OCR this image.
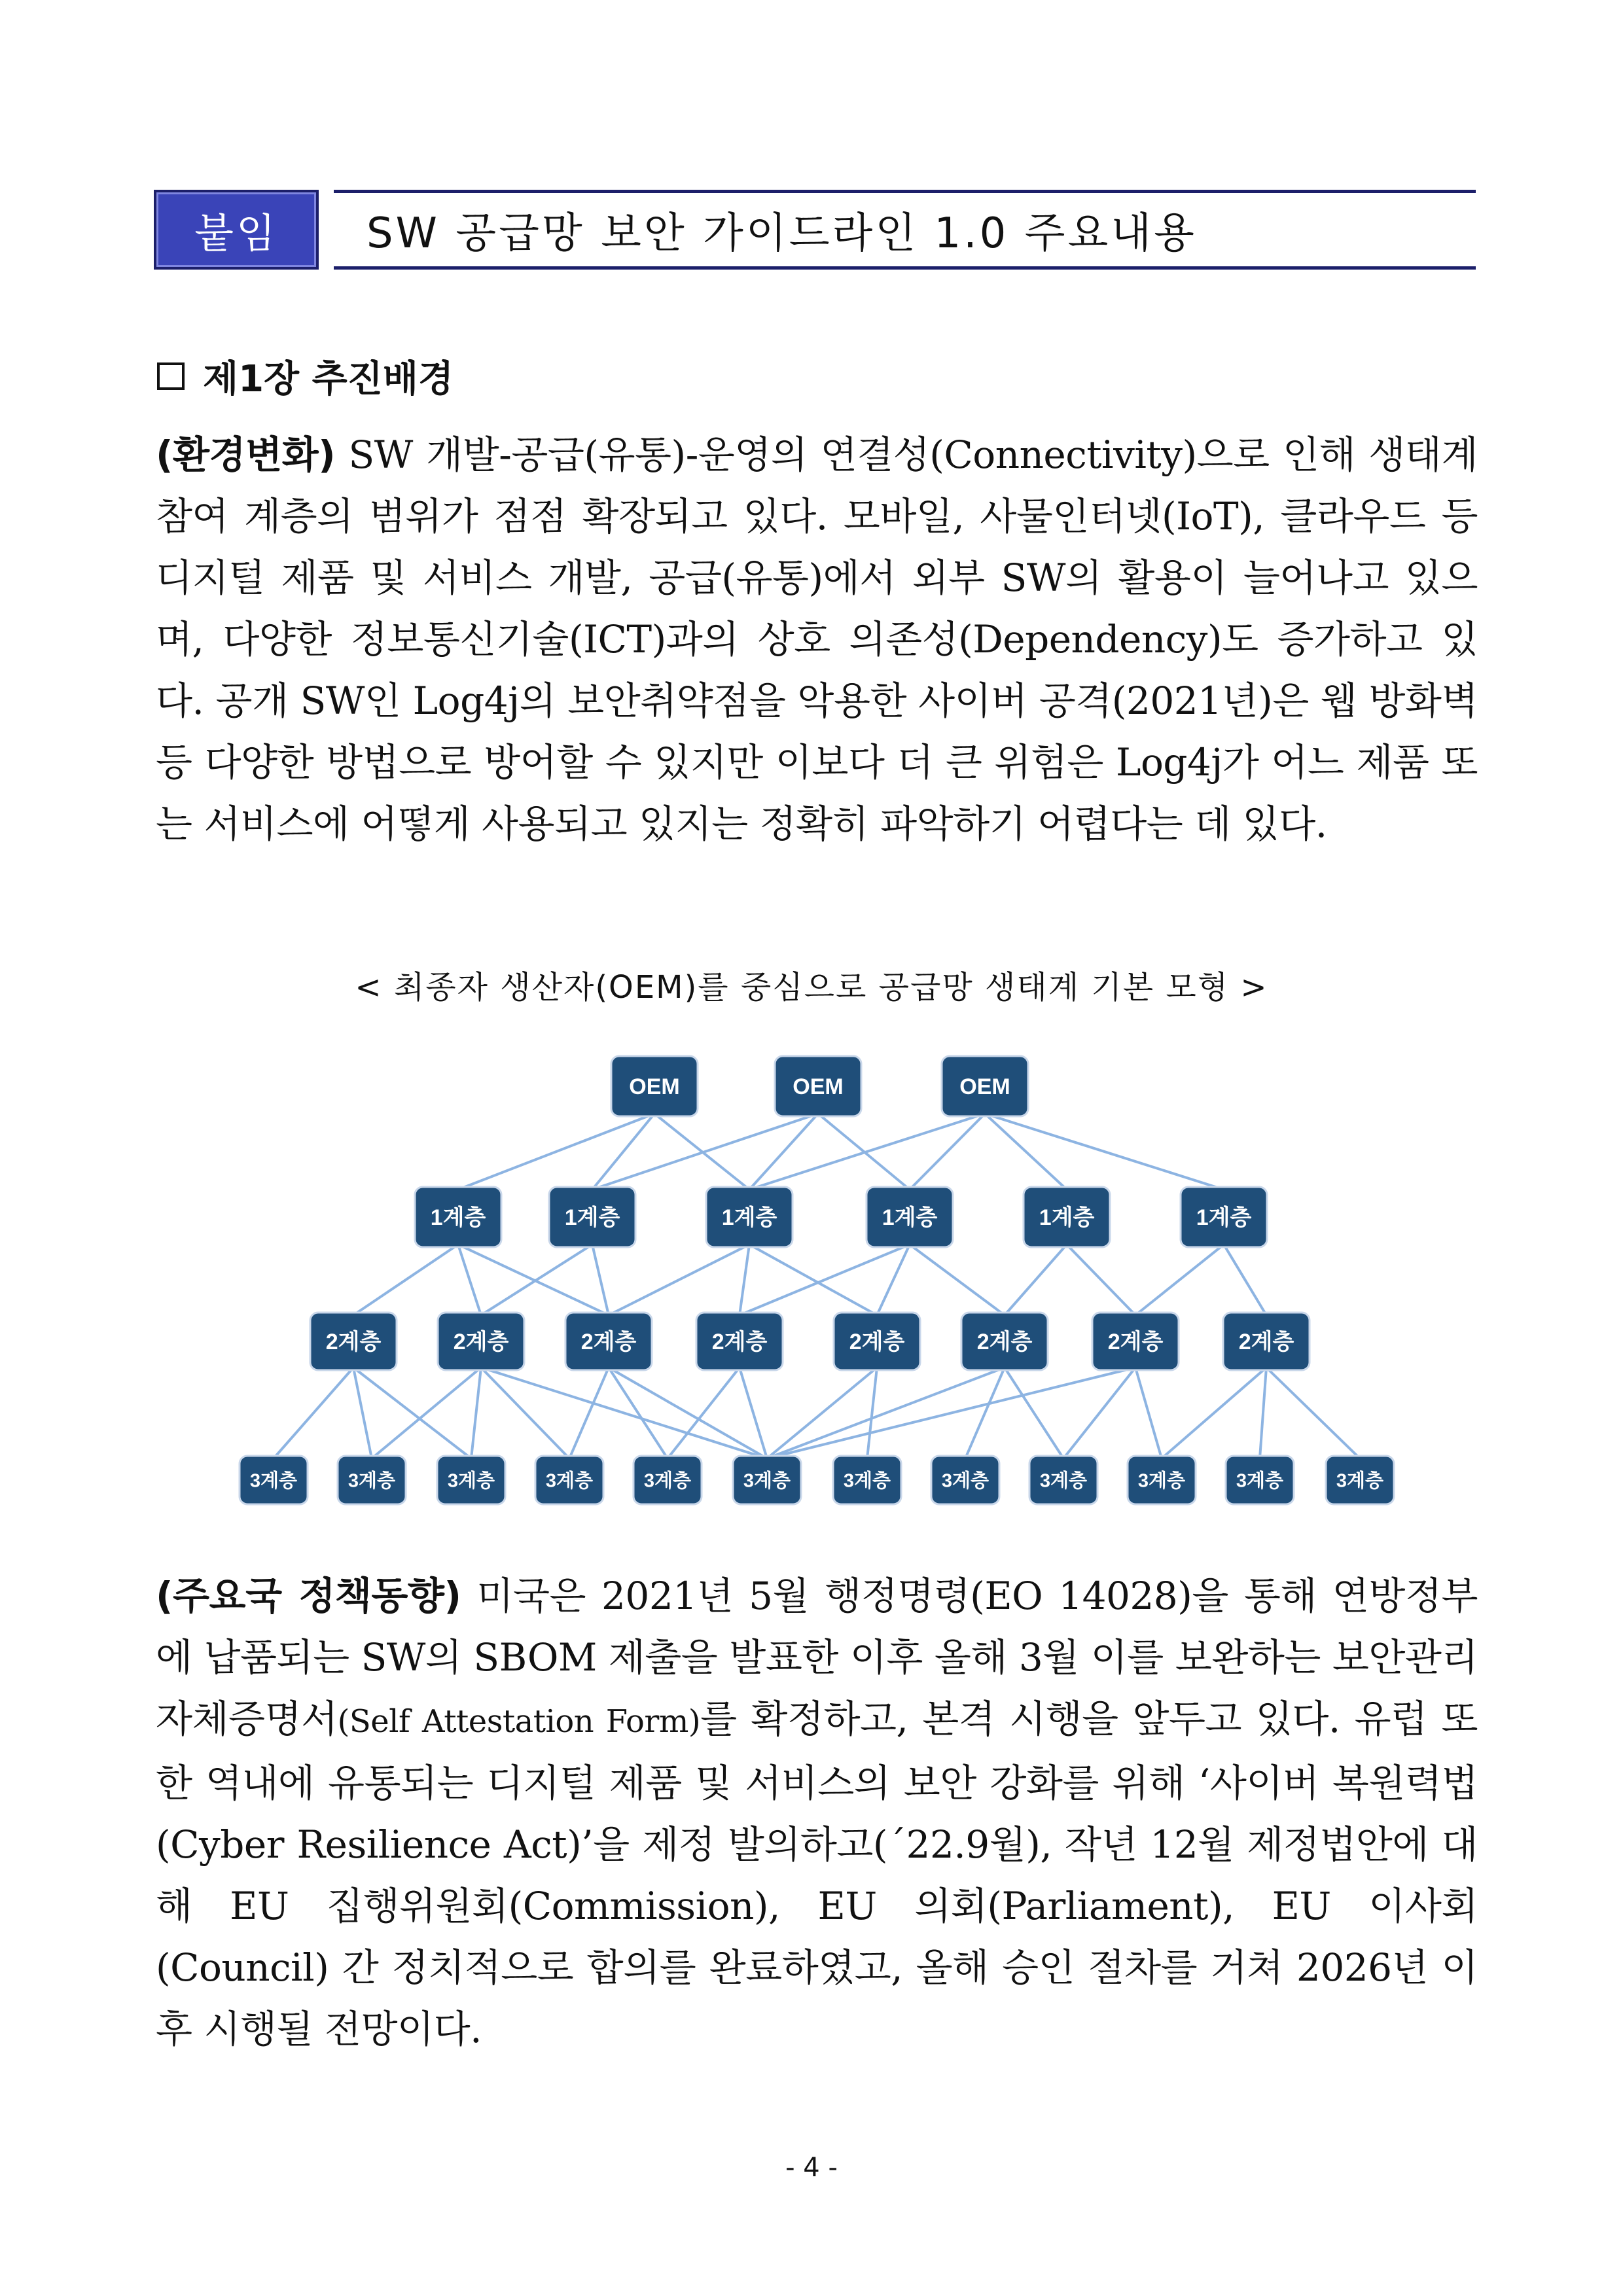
붙임	SW 공급망 보안 가이드라인 1.0 주요내용
제1장 추진배경
(환경변화) SW 개발-공급(유통)-운영의 연결성(Connectivity)으로 인해 생태계 참여 계층의 범위가 점점 확장되고 있다. 모바일, 사물인터넷(IoT), 클라우드 등 디지털 제품 및 서비스 개발, 공급(유통)에서 외부 SW의 활용이 늘어나고 있으며, 다양한 정보통신기술(ICT)과의 상호 의존성(Dependency)도 증가하고 있다. 공개 SW인 Log4j의 보안취약점을 악용한 사이버 공격(2021년)은 웹 방화벽 등 다양한 방법으로 방어할 수 있지만 이보다 더 큰 위험은 Log4j가 어느 제품 또는 서비스에 어떻게 사용되고 있지는 정확히 파악하기 어렵다는 데 있다.
< 최종자 생산자(OEM)를 중심으로 공급망 생태계 기본 모형 >
OEM	OEM	OEM
1계층	1계층	1계층	1계층	1계층	1계층
2계층	2계층	2계층	2계층	2계층	2계층	2계층	2계층
3계층	3계층	3계층	3계층	3계층	3계층	3계층	3계층	3계층	3계층	3계층	3계층
(주요국 정책동향) 미국은 2021년 5월 행정명령(EO 14028)을 통해 연방정부에 납품되는 SW의 SBOM 제출을 발표한 이후 올해 3월 이를 보완하는 보안관리 자체증명서(Self Attestation Form)를 확정하고, 본격 시행을 앞두고 있다. 유럽 또한 역내에 유통되는 디지털 제품 및 서비스의 보안 강화를 위해 ‘사이버 복원력법(Cyber Resilience Act)’을 제정 발의하고(´22.9월), 작년 12월 제정법안에 대해 EU 집행위원회(Commission), EU 의회(Parliament), EU 이사회(Council) 간 정치적으로 합의를 완료하였고, 올해 승인 절차를 거쳐 2026년 이후 시행될 전망이다.
- 4 -
